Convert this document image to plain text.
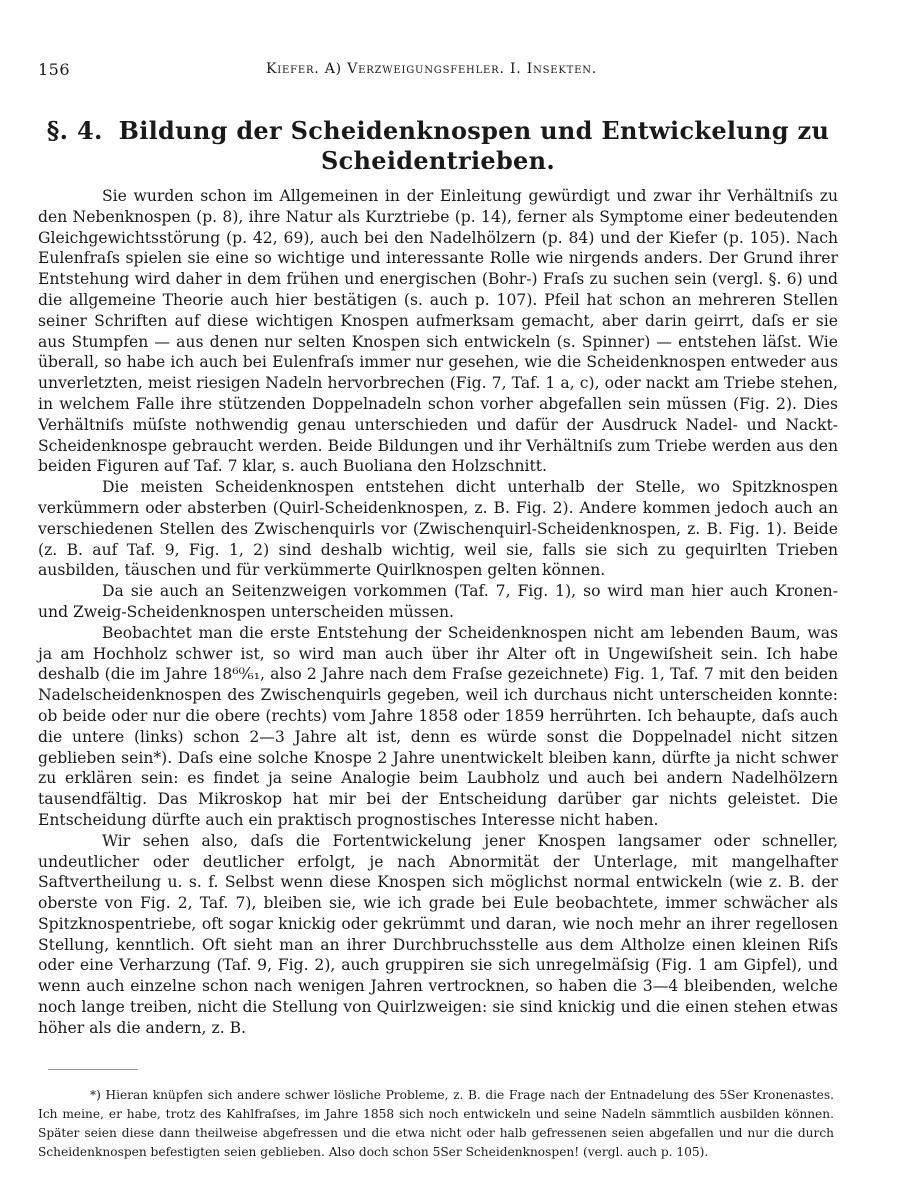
156	Kiefer. A) Verzweigungsfehler. I. Insekten.
§. 4. Bildung der Scheidenknospen und Entwickelung zu Scheidentrieben.

Sie wurden schon im Allgemeinen in der Einleitung gewürdigt und zwar ihr Verhältniſs zu den Nebenknospen (p. 8), ihre Natur als Kurztriebe (p. 14), ferner als Symptome einer bedeutenden Gleichgewichtsstörung (p. 42, 69), auch bei den Nadelhölzern (p. 84) und der Kiefer (p. 105). Nach Eulenfraſs spielen sie eine so wichtige und interessante Rolle wie nirgends anders. Der Grund ihrer Entstehung wird daher in dem frühen und energischen (Bohr-) Fraſs zu suchen sein (vergl. §. 6) und die allgemeine Theorie auch hier bestätigen (s. auch p. 107). Pfeil hat schon an mehreren Stellen seiner Schriften auf diese wichtigen Knospen aufmerksam gemacht, aber darin geirrt, daſs er sie aus Stumpfen — aus denen nur selten Knospen sich entwickeln (s. Spinner) — entstehen läſst. Wie überall, so habe ich auch bei Eulenfraſs immer nur gesehen, wie die Scheidenknospen entweder aus unverletzten, meist riesigen Nadeln hervorbrechen (Fig. 7, Taf. 1 a, c), oder nackt am Triebe stehen, in welchem Falle ihre stützenden Doppelnadeln schon vorher abgefallen sein müssen (Fig. 2). Dies Verhältniſs müſste nothwendig genau unterschieden und dafür der Ausdruck Nadel- und Nackt-Scheidenknospe gebraucht werden. Beide Bildungen und ihr Verhältniſs zum Triebe werden aus den beiden Figuren auf Taf. 7 klar, s. auch Buoliana den Holzschnitt.

Die meisten Scheidenknospen entstehen dicht unterhalb der Stelle, wo Spitzknospen verkümmern oder absterben (Quirl-Scheidenknospen, z. B. Fig. 2). Andere kommen jedoch auch an verschiedenen Stellen des Zwischenquirls vor (Zwischenquirl-Scheidenknospen, z. B. Fig. 1). Beide (z. B. auf Taf. 9, Fig. 1, 2) sind deshalb wichtig, weil sie, falls sie sich zu gequirlten Trieben ausbilden, täuschen und für verkümmerte Quirlknospen gelten können.

Da sie auch an Seitenzweigen vorkommen (Taf. 7, Fig. 1), so wird man hier auch Kronen- und Zweig-Scheidenknospen unterscheiden müssen.

Beobachtet man die erste Entstehung der Scheidenknospen nicht am lebenden Baum, was ja am Hochholz schwer ist, so wird man auch über ihr Alter oft in Ungewiſsheit sein. Ich habe deshalb (die im Jahre 18⁶⁰⁄₆₁, also 2 Jahre nach dem Fraſse gezeichnete) Fig. 1, Taf. 7 mit den beiden Nadelscheidenknospen des Zwischenquirls gegeben, weil ich durchaus nicht unterscheiden konnte: ob beide oder nur die obere (rechts) vom Jahre 1858 oder 1859 herrührten. Ich behaupte, daſs auch die untere (links) schon 2—3 Jahre alt ist, denn es würde sonst die Doppelnadel nicht sitzen geblieben sein*). Daſs eine solche Knospe 2 Jahre unentwickelt bleiben kann, dürfte ja nicht schwer zu erklären sein: es findet ja seine Analogie beim Laubholz und auch bei andern Nadelhölzern tausendfältig. Das Mikroskop hat mir bei der Entscheidung darüber gar nichts geleistet. Die Entscheidung dürfte auch ein praktisch prognostisches Interesse nicht haben.

Wir sehen also, daſs die Fortentwickelung jener Knospen langsamer oder schneller, undeutlicher oder deutlicher erfolgt, je nach Abnormität der Unterlage, mit mangelhafter Saftvertheilung u. s. f. Selbst wenn diese Knospen sich möglichst normal entwickeln (wie z. B. der oberste von Fig. 2, Taf. 7), bleiben sie, wie ich grade bei Eule beobachtete, immer schwächer als Spitzknospentriebe, oft sogar knickig oder gekrümmt und daran, wie noch mehr an ihrer regellosen Stellung, kenntlich. Oft sieht man an ihrer Durchbruchsstelle aus dem Altholze einen kleinen Riſs oder eine Verharzung (Taf. 9, Fig. 2), auch gruppiren sie sich unregelmäſsig (Fig. 1 am Gipfel), und wenn auch einzelne schon nach wenigen Jahren vertrocknen, so haben die 3—4 bleibenden, welche noch lange treiben, nicht die Stellung von Quirlzweigen: sie sind knickig und die einen stehen etwas höher als die andern, z. B.

*) Hieran knüpfen sich andere schwer lösliche Probleme, z. B. die Frage nach der Entnadelung des 5Ser Kronenastes. Ich meine, er habe, trotz des Kahlfraſses, im Jahre 1858 sich noch entwickeln und seine Nadeln sämmtlich ausbilden können. Später seien diese dann theilweise abgefressen und die etwa nicht oder halb gefressenen seien abgefallen und nur die durch Scheidenknospen befestigten seien geblieben. Also doch schon 5Ser Scheidenknospen! (vergl. auch p. 105).
